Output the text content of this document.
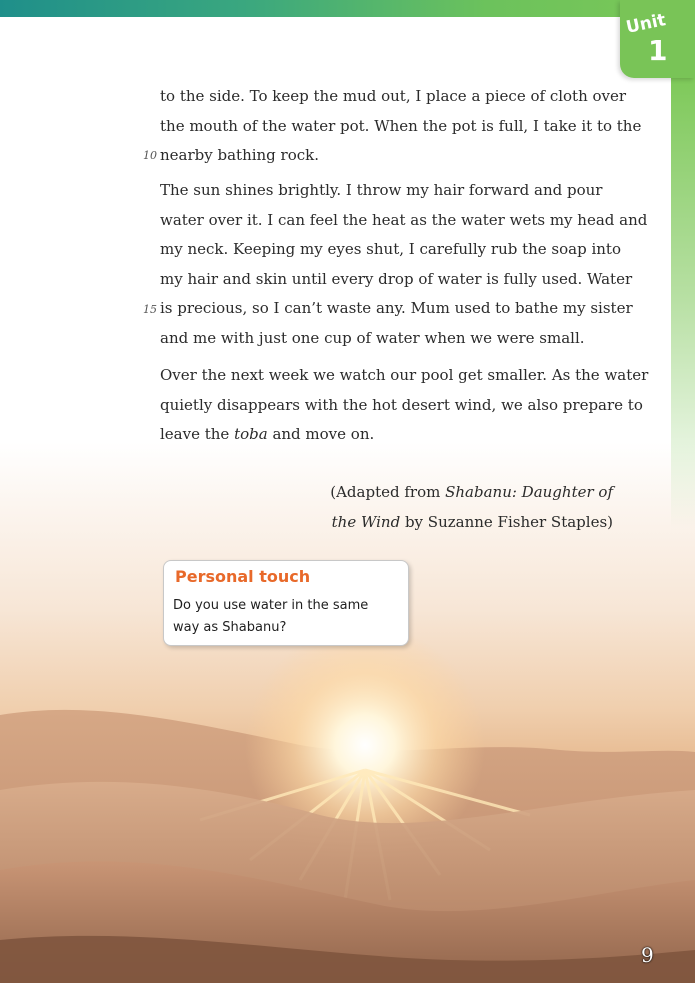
Unit
1

to the side. To keep the mud out, I place a piece of cloth over
the mouth of the water pot. When the pot is full, I take it to the
nearby bathing rock.

10

The sun shines brightly. I throw my hair forward and pour
water over it. I can feel the heat as the water wets my head and
my neck. Keeping my eyes shut, I carefully rub the soap into
my hair and skin until every drop of water is fully used. Water
is precious, so I can’t waste any. Mum used to bathe my sister
and me with just one cup of water when we were small.

15

Over the next week we watch our pool get smaller. As the water
quietly disappears with the hot desert wind, we also prepare to
leave the toba and move on.

(Adapted from Shabanu: Daughter of
the Wind by Suzanne Fisher Staples)
Personal touch
Do you use water in the same
way as Shabanu?
9
